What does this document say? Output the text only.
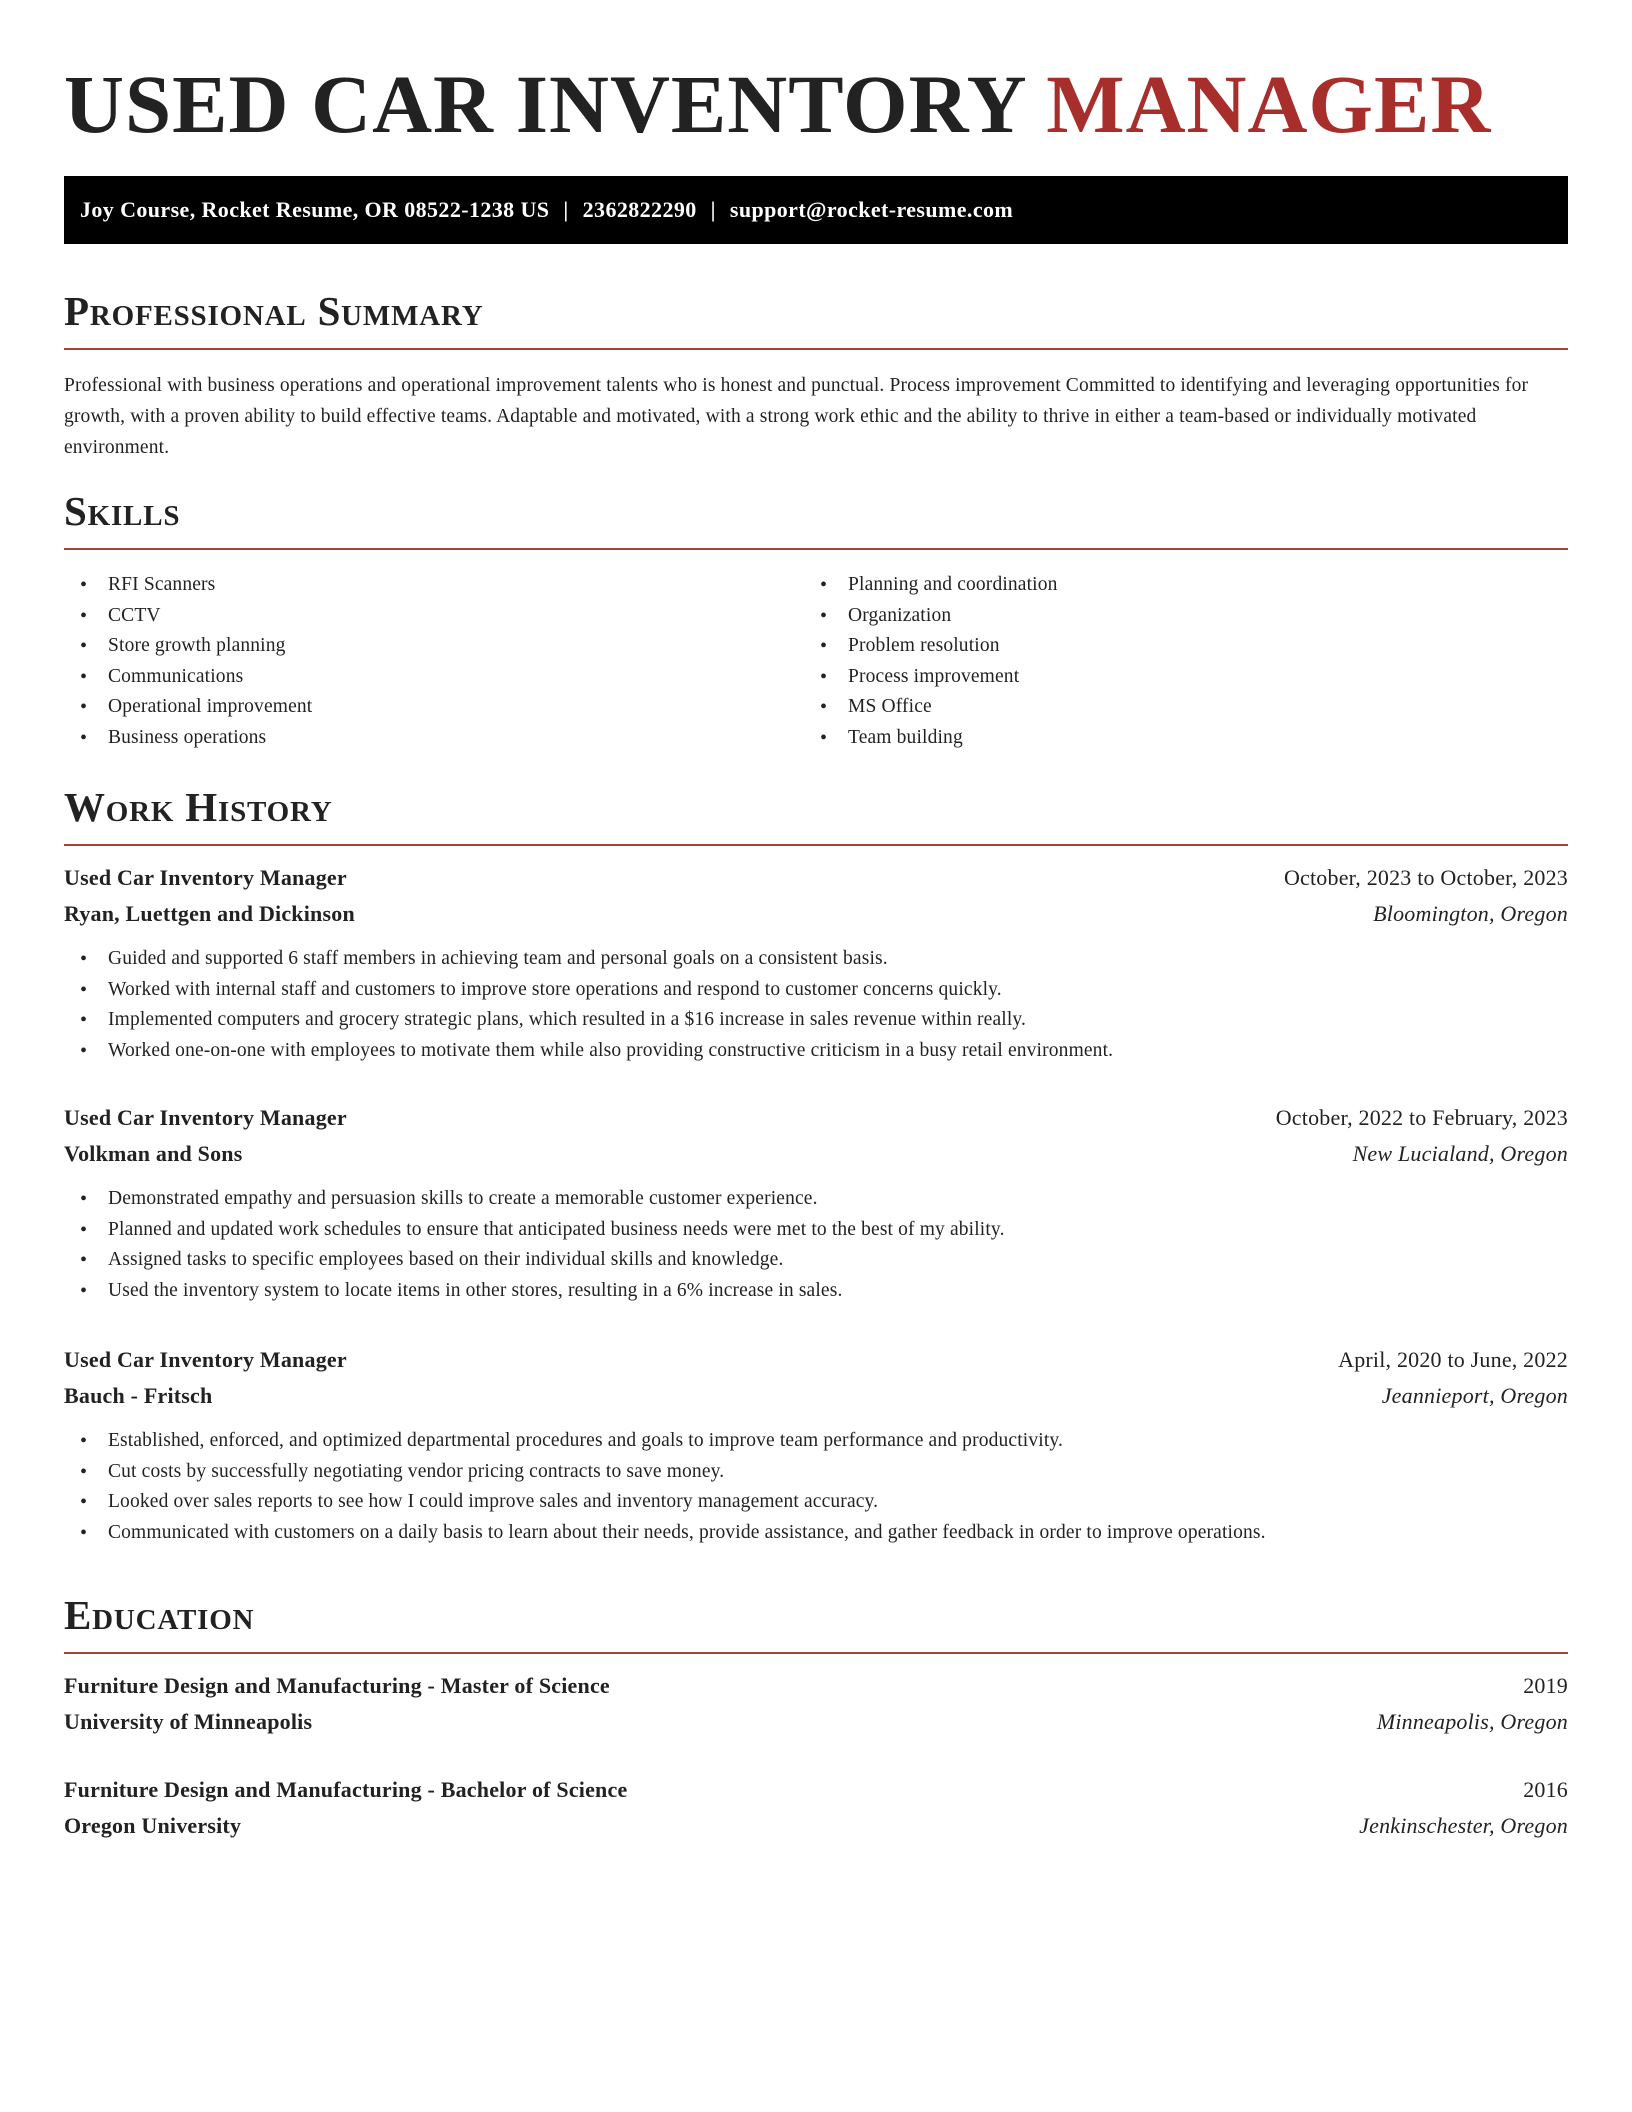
USED CAR INVENTORY MANAGER
Joy Course, Rocket Resume, OR 08522-1238 US | 2362822290 | support@rocket-resume.com
Professional Summary

Professional with business operations and operational improvement talents who is honest and punctual. Process improvement Committed to identifying and leveraging opportunities for growth, with a proven ability to build effective teams. Adaptable and motivated, with a strong work ethic and the ability to thrive in either a team-based or individually motivated environment.

Skills
• RFI Scanners
• CCTV
• Store growth planning
• Communications
• Operational improvement
• Business operations
• Planning and coordination
• Organization
• Problem resolution
• Process improvement
• MS Office
• Team building
Work History
Used Car Inventory Manager	October, 2023 to October, 2023
Ryan, Luettgen and Dickinson	Bloomington, Oregon
• Guided and supported 6 staff members in achieving team and personal goals on a consistent basis.
• Worked with internal staff and customers to improve store operations and respond to customer concerns quickly.
• Implemented computers and grocery strategic plans, which resulted in a $16 increase in sales revenue within really.
• Worked one-on-one with employees to motivate them while also providing constructive criticism in a busy retail environment.
Used Car Inventory Manager	October, 2022 to February, 2023
Volkman and Sons	New Lucialand, Oregon
• Demonstrated empathy and persuasion skills to create a memorable customer experience.
• Planned and updated work schedules to ensure that anticipated business needs were met to the best of my ability.
• Assigned tasks to specific employees based on their individual skills and knowledge.
• Used the inventory system to locate items in other stores, resulting in a 6% increase in sales.
Used Car Inventory Manager	April, 2020 to June, 2022
Bauch - Fritsch	Jeannieport, Oregon
• Established, enforced, and optimized departmental procedures and goals to improve team performance and productivity.
• Cut costs by successfully negotiating vendor pricing contracts to save money.
• Looked over sales reports to see how I could improve sales and inventory management accuracy.
• Communicated with customers on a daily basis to learn about their needs, provide assistance, and gather feedback in order to improve operations.
Education
Furniture Design and Manufacturing - Master of Science	2019
University of Minneapolis	Minneapolis, Oregon
Furniture Design and Manufacturing - Bachelor of Science	2016
Oregon University	Jenkinschester, Oregon
